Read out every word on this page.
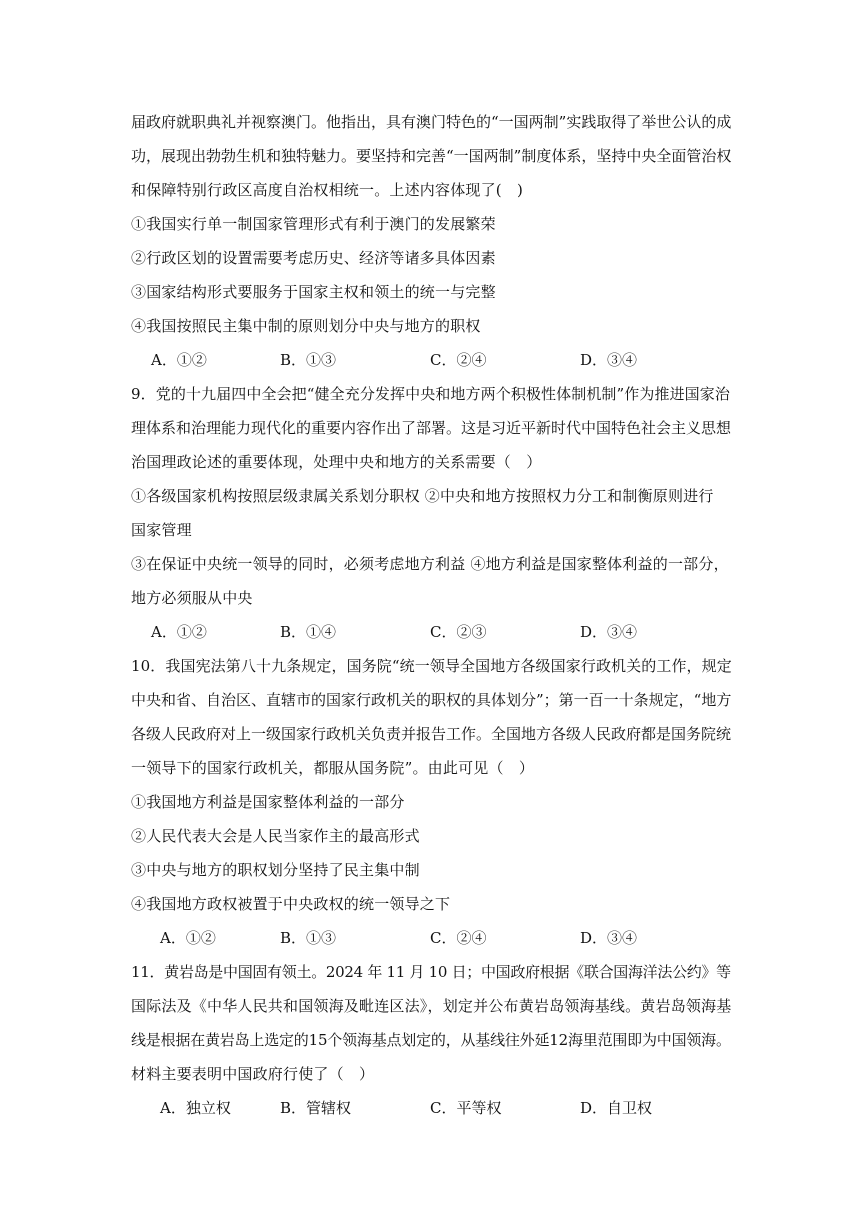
届政府就职典礼并视察澳门。他指出，具有澳门特色的“一国两制”实践取得了举世公认的成
功，展现出勃勃生机和独特魅力。要坚持和完善“一国两制”制度体系，坚持中央全面管治权
和保障特别行政区高度自治权相统一。上述内容体现了(　)
①我国实行单一制国家管理形式有利于澳门的发展繁荣
②行政区划的设置需要考虑历史、经济等诸多具体因素
③国家结构形式要服务于国家主权和领土的统一与完整
④我国按照民主集中制的原则划分中央与地方的职权
A．①②	B．①③	C．②④	D．③④
9．党的十九届四中全会把“健全充分发挥中央和地方两个积极性体制机制”作为推进国家治
理体系和治理能力现代化的重要内容作出了部署。这是习近平新时代中国特色社会主义思想
治国理政论述的重要体现，处理中央和地方的关系需要（　）
①各级国家机构按照层级隶属关系划分职权 ②中央和地方按照权力分工和制衡原则进行
国家管理
③在保证中央统一领导的同时，必须考虑地方利益 ④地方利益是国家整体利益的一部分，
地方必须服从中央
A．①②	B．①④	C．②③	D．③④
10．我国宪法第八十九条规定，国务院“统一领导全国地方各级国家行政机关的工作，规定
中央和省、自治区、直辖市的国家行政机关的职权的具体划分”；第一百一十条规定，“地方
各级人民政府对上一级国家行政机关负责并报告工作。全国地方各级人民政府都是国务院统
一领导下的国家行政机关，都服从国务院”。由此可见（　）
①我国地方利益是国家整体利益的一部分
②人民代表大会是人民当家作主的最高形式
③中央与地方的职权划分坚持了民主集中制
④我国地方政权被置于中央政权的统一领导之下
A．①②	B．①③	C．②④	D．③④
11．黄岩岛是中国固有领土。2024 年 11 月 10 日；中国政府根据《联合国海洋法公约》等
国际法及《中华人民共和国领海及毗连区法》，划定并公布黄岩岛领海基线。黄岩岛领海基
线是根据在黄岩岛上选定的15个领海基点划定的，从基线往外延12海里范围即为中国领海。
材料主要表明中国政府行使了（　）
A．独立权	B．管辖权	C．平等权	D．自卫权
